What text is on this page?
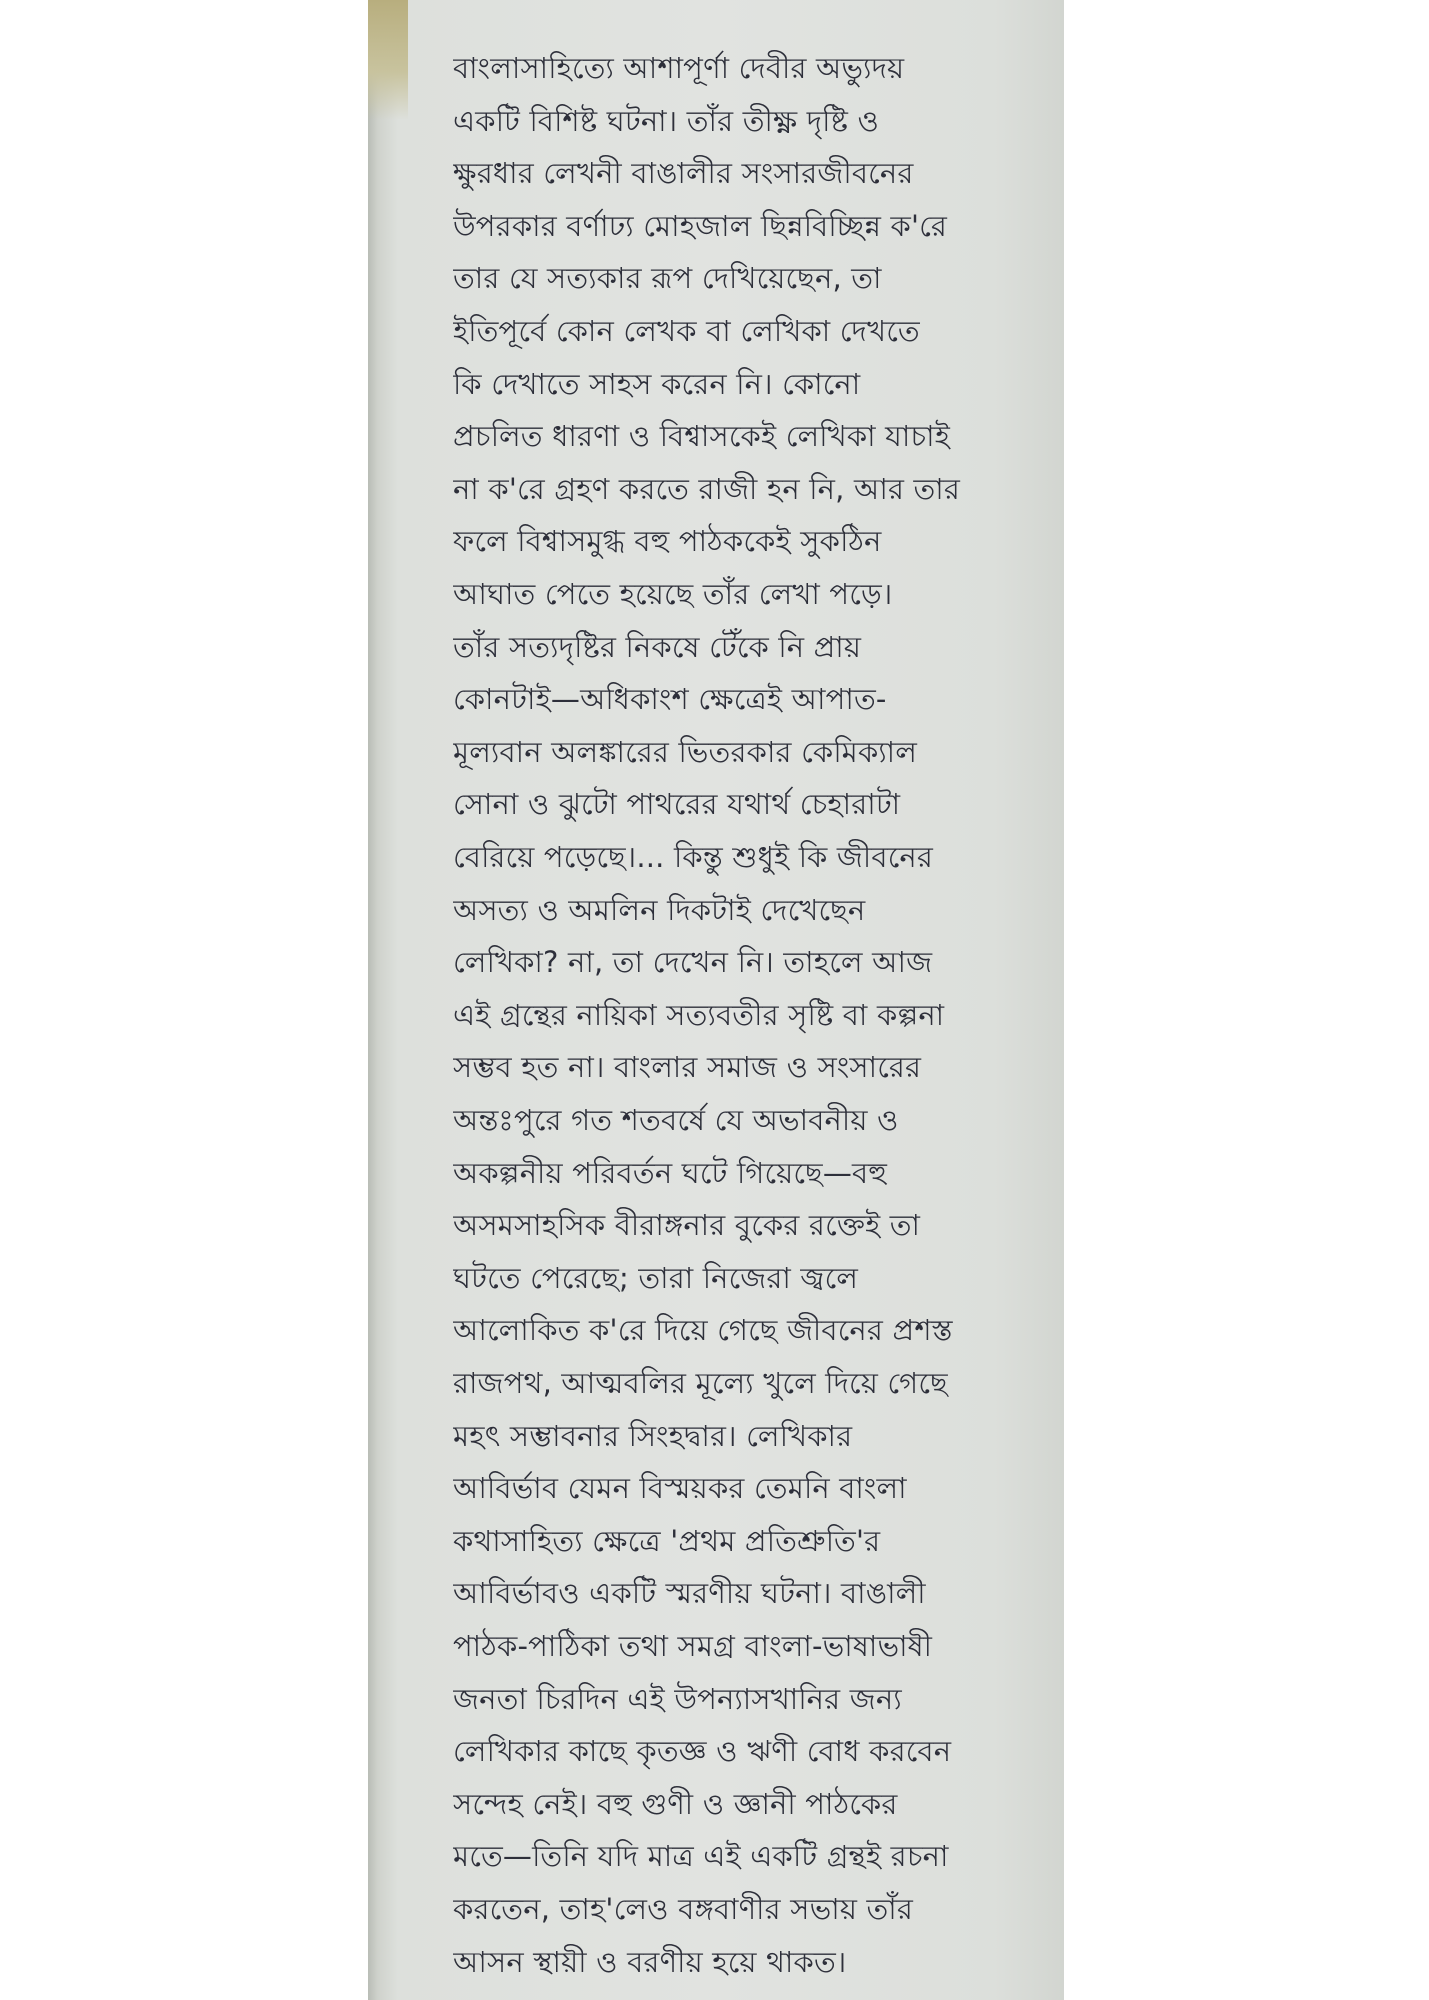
বাংলাসাহিত্যে আশাপূর্ণা দেবীর অভ্যুদয়
একটি বিশিষ্ট ঘটনা। তাঁর তীক্ষ্ণ দৃষ্টি ও
ক্ষুরধার লেখনী বাঙালীর সংসারজীবনের
উপরকার বর্ণাঢ্য মোহজাল ছিন্নবিচ্ছিন্ন ক'রে
তার যে সত্যকার রূপ দেখিয়েছেন, তা
ইতিপূর্বে কোন লেখক বা লেখিকা দেখতে
কি দেখাতে সাহস করেন নি। কোনো
প্রচলিত ধারণা ও বিশ্বাসকেই লেখিকা যাচাই
না ক'রে গ্রহণ করতে রাজী হন নি, আর তার
ফলে বিশ্বাসমুগ্ধ বহু পাঠককেই সুকঠিন
আঘাত পেতে হয়েছে তাঁর লেখা পড়ে।
তাঁর সত্যদৃষ্টির নিকষে টেঁকে নি প্রায়
কোনটাই—অধিকাংশ ক্ষেত্রেই আপাত-
মূল্যবান অলঙ্কারের ভিতরকার কেমিক্যাল
সোনা ও ঝুটো পাথরের যথার্থ চেহারাটা
বেরিয়ে পড়েছে।... কিন্তু শুধুই কি জীবনের
অসত্য ও অমলিন দিকটাই দেখেছেন
লেখিকা? না, তা দেখেন নি। তাহলে আজ
এই গ্রন্থের নায়িকা সত্যবতীর সৃষ্টি বা কল্পনা
সম্ভব হত না। বাংলার সমাজ ও সংসারের
অন্তঃপুরে গত শতবর্ষে যে অভাবনীয় ও
অকল্পনীয় পরিবর্তন ঘটে গিয়েছে—বহু
অসমসাহসিক বীরাঙ্গনার বুকের রক্তেই তা
ঘটতে পেরেছে; তারা নিজেরা জ্বলে
আলোকিত ক'রে দিয়ে গেছে জীবনের প্রশস্ত
রাজপথ, আত্মবলির মূল্যে খুলে দিয়ে গেছে
মহৎ সম্ভাবনার সিংহদ্বার। লেখিকার
আবির্ভাব যেমন বিস্ময়কর তেমনি বাংলা
কথাসাহিত্য ক্ষেত্রে 'প্রথম প্রতিশ্রুতি'র
আবির্ভাবও একটি স্মরণীয় ঘটনা। বাঙালী
পাঠক-পাঠিকা তথা সমগ্র বাংলা-ভাষাভাষী
জনতা চিরদিন এই উপন্যাসখানির জন্য
লেখিকার কাছে কৃতজ্ঞ ও ঋণী বোধ করবেন
সন্দেহ নেই। বহু গুণী ও জ্ঞানী পাঠকের
মতে—তিনি যদি মাত্র এই একটি গ্রন্থই রচনা
করতেন, তাহ'লেও বঙ্গবাণীর সভায় তাঁর
আসন স্থায়ী ও বরণীয় হয়ে থাকত।
